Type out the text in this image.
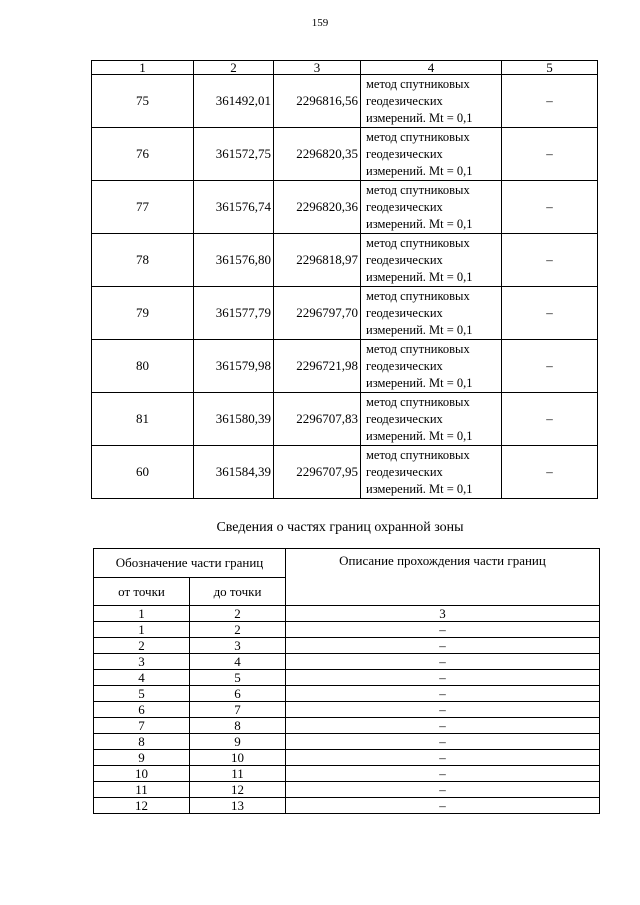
159
1	2	3	4	5
75	361492,01	2296816,56	метод спутниковых
геодезических
измерений. Mt = 0,1	–
76	361572,75	2296820,35	метод спутниковых
геодезических
измерений. Mt = 0,1	–
77	361576,74	2296820,36	метод спутниковых
геодезических
измерений. Mt = 0,1	–
78	361576,80	2296818,97	метод спутниковых
геодезических
измерений. Mt = 0,1	–
79	361577,79	2296797,70	метод спутниковых
геодезических
измерений. Mt = 0,1	–
80	361579,98	2296721,98	метод спутниковых
геодезических
измерений. Mt = 0,1	–
81	361580,39	2296707,83	метод спутниковых
геодезических
измерений. Mt = 0,1	–
60	361584,39	2296707,95	метод спутниковых
геодезических
измерений. Mt = 0,1	–
Сведения о частях границ охранной зоны
Обозначение части границ		Описание прохождения части границ
от точки	до точки	
1	2	3
1	2	–
2	3	–
3	4	–
4	5	–
5	6	–
6	7	–
7	8	–
8	9	–
9	10	–
10	11	–
11	12	–
12	13	–
